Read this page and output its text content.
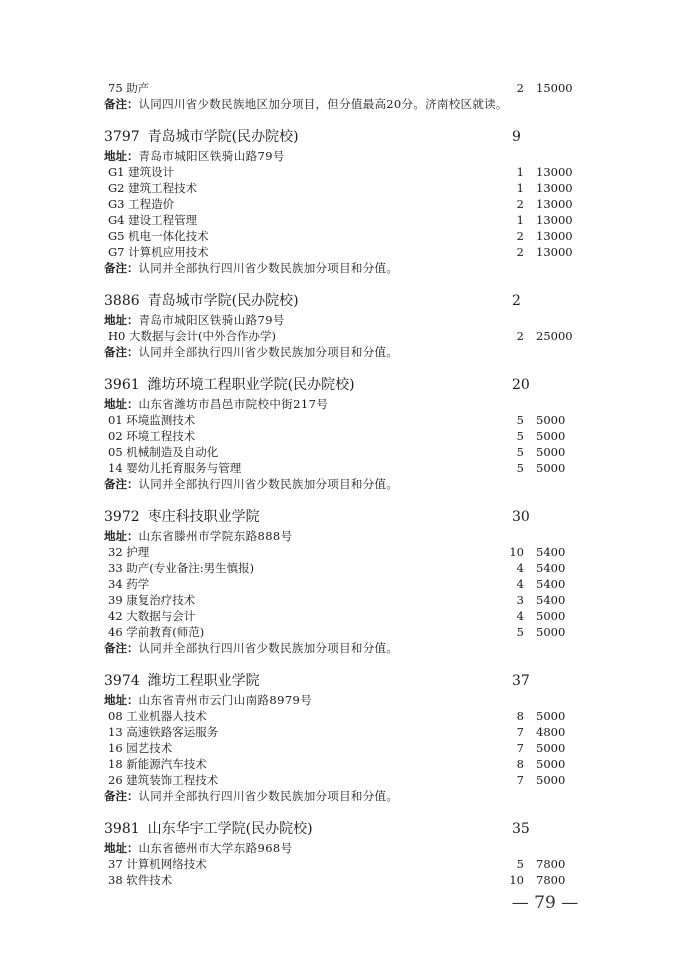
75 助产	2 15000
备注：认同四川省少数民族地区加分项目，但分值最高20分。济南校区就读。
3797 青岛城市学院(民办院校)	9
地址：青岛市城阳区铁骑山路79号
G1 建筑设计	1 13000
G2 建筑工程技术	1 13000
G3 工程造价	2 13000
G4 建设工程管理	1 13000
G5 机电一体化技术	2 13000
G7 计算机应用技术	2 13000
备注：认同并全部执行四川省少数民族加分项目和分值。
3886 青岛城市学院(民办院校)	2
地址：青岛市城阳区铁骑山路79号
H0 大数据与会计(中外合作办学)	2 25000
备注：认同并全部执行四川省少数民族加分项目和分值。
3961 潍坊环境工程职业学院(民办院校)	20
地址：山东省潍坊市昌邑市院校中街217号
01 环境监测技术	5 5000
02 环境工程技术	5 5000
05 机械制造及自动化	5 5000
14 婴幼儿托育服务与管理	5 5000
备注：认同并全部执行四川省少数民族加分项目和分值。
3972 枣庄科技职业学院	30
地址：山东省滕州市学院东路888号
32 护理	10 5400
33 助产(专业备注:男生慎报)	4 5400
34 药学	4 5400
39 康复治疗技术	3 5400
42 大数据与会计	4 5000
46 学前教育(师范)	5 5000
备注：认同并全部执行四川省少数民族加分项目和分值。
3974 潍坊工程职业学院	37
地址：山东省青州市云门山南路8979号
08 工业机器人技术	8 5000
13 高速铁路客运服务	7 4800
16 园艺技术	7 5000
18 新能源汽车技术	8 5000
26 建筑装饰工程技术	7 5000
备注：认同并全部执行四川省少数民族加分项目和分值。
3981 山东华宇工学院(民办院校)	35
地址：山东省德州市大学东路968号
37 计算机网络技术	5 7800
38 软件技术	10 7800
— 79 —
